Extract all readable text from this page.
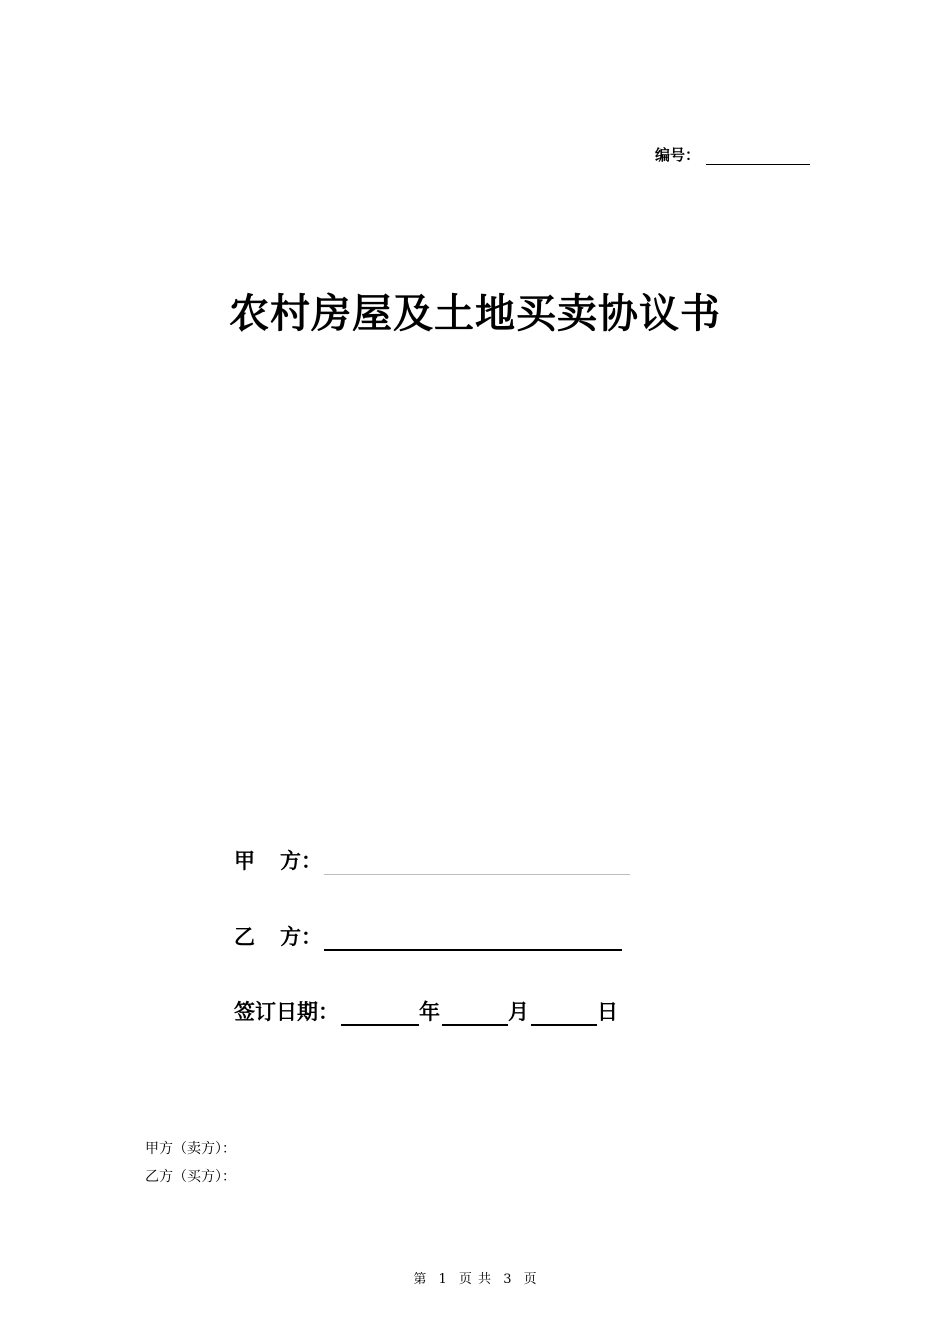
编号：
农村房屋及土地买卖协议书
甲	方：
乙	方：
签订日期：	年	月	日
甲方（卖方）：
乙方（买方）：
第 1 页 共 3 页
